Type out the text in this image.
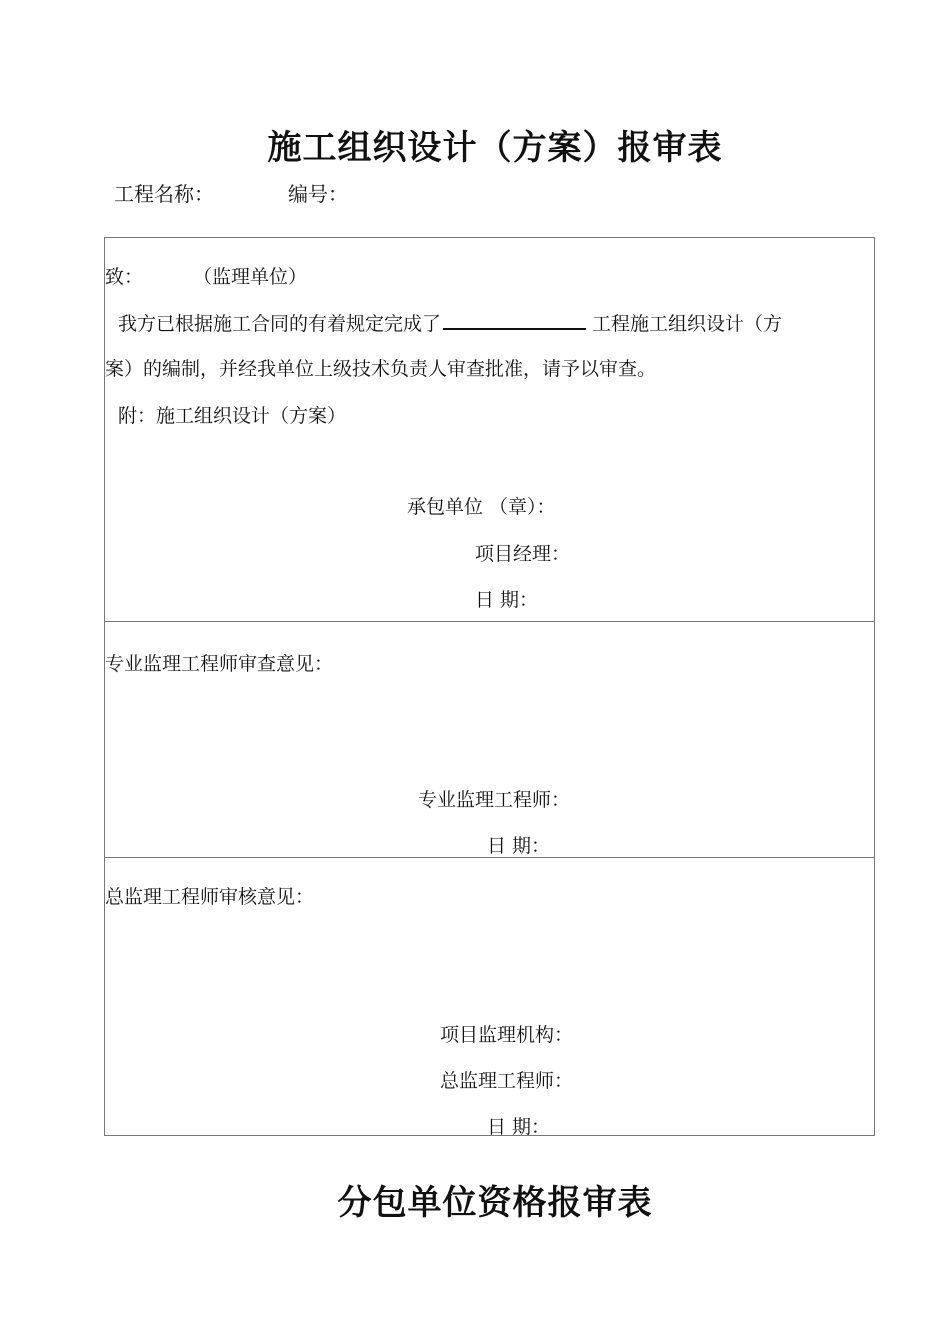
施工组织设计（方案）报审表
工程名称：	编号：
致：	（监理单位）
我方已根据施工合同的有着规定完成了	工程施工组织设计（方
案）的编制，并经我单位上级技术负责人审查批准，请予以审查。
附：施工组织设计（方案）
承包单位 （章）：
项目经理：
日 期：
专业监理工程师审查意见：
专业监理工程师：
日 期：
总监理工程师审核意见：
项目监理机构：
总监理工程师：
日 期：
分包单位资格报审表
